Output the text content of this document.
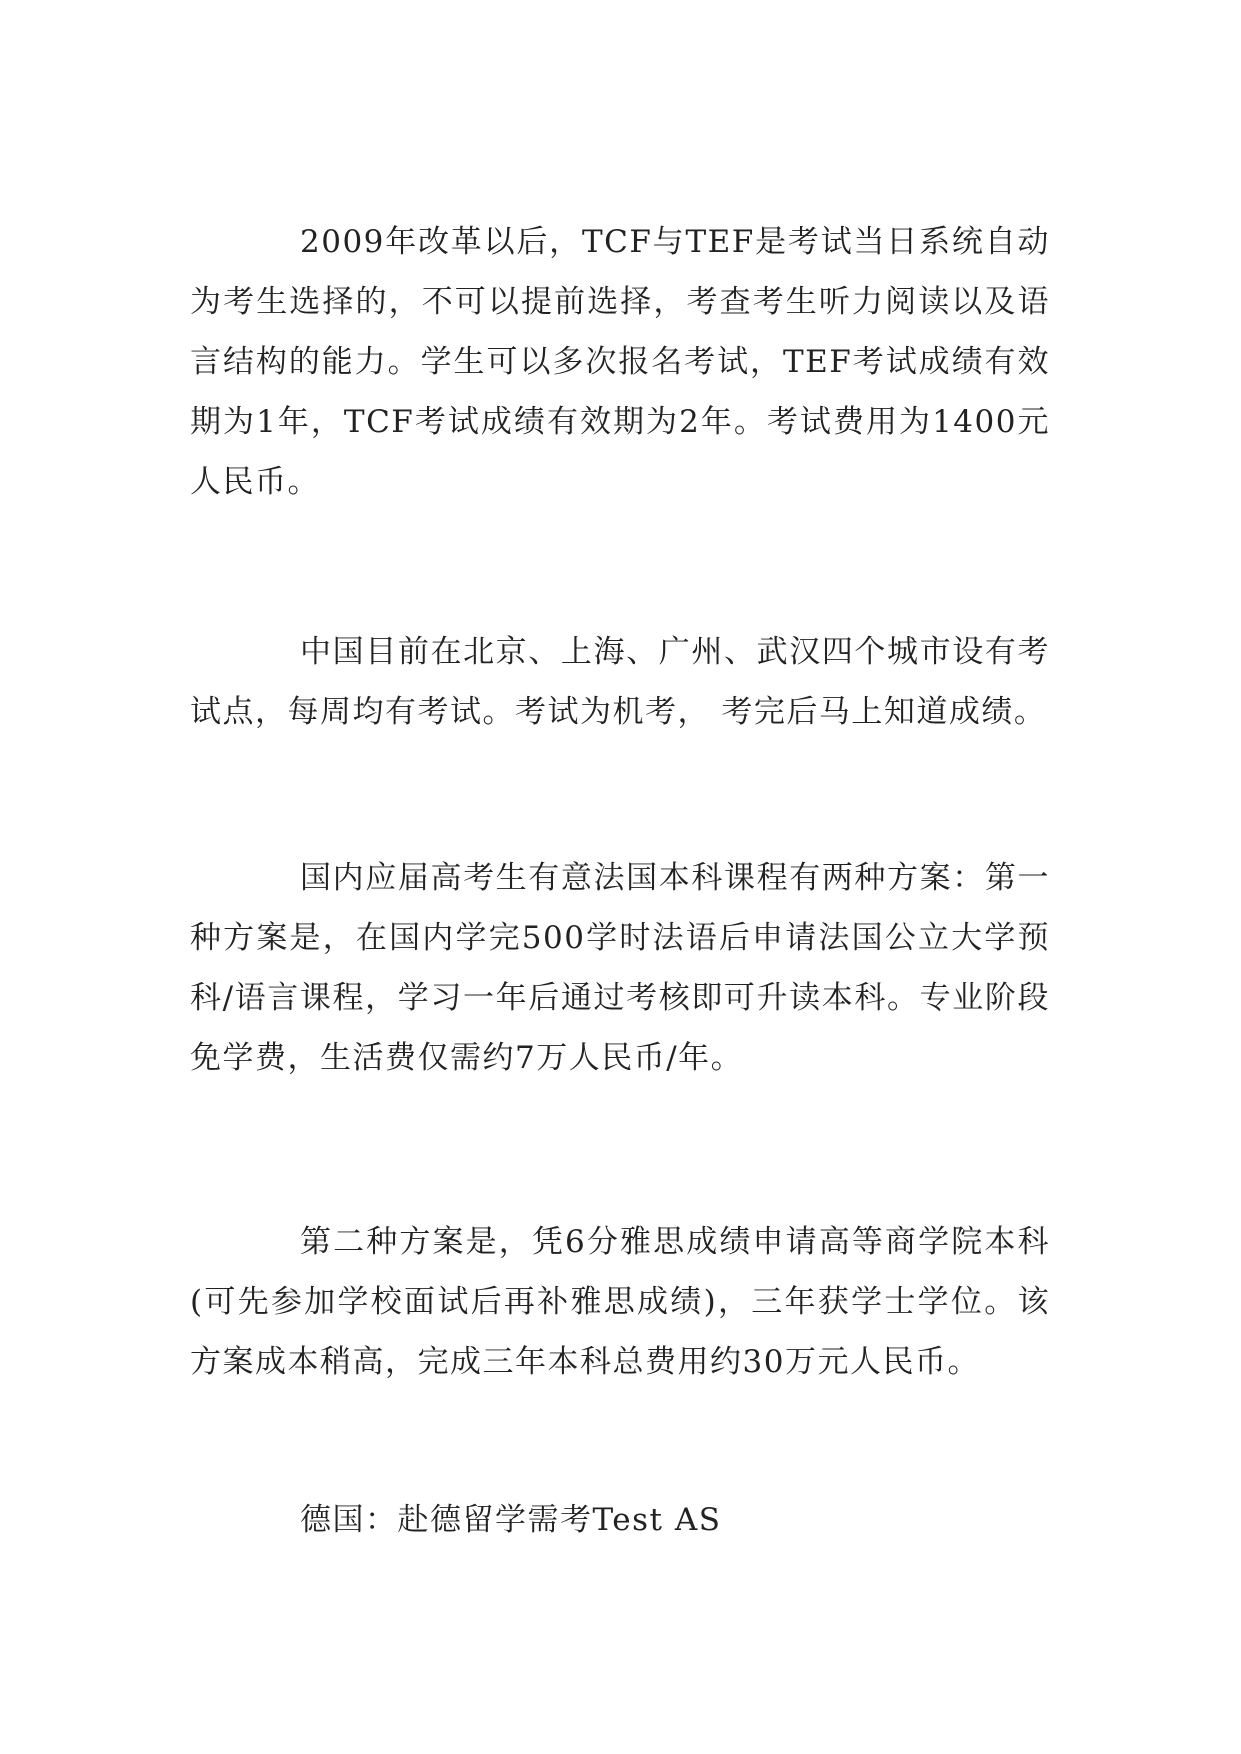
2009年改革以后，TCF与TEF是考试当日系统自动为考生选择的，不可以提前选择，考查考生听力阅读以及语言结构的能力。学生可以多次报名考试，TEF考试成绩有效期为1年，TCF考试成绩有效期为2年。考试费用为1400元人民币。

中国目前在北京、上海、广州、武汉四个城市设有考试点，每周均有考试。考试为机考， 考完后马上知道成绩。

国内应届高考生有意法国本科课程有两种方案：第一种方案是，在国内学完500学时法语后申请法国公立大学预科/语言课程，学习一年后通过考核即可升读本科。专业阶段免学费，生活费仅需约7万人民币/年。

第二种方案是，凭6分雅思成绩申请高等商学院本科(可先参加学校面试后再补雅思成绩)，三年获学士学位。该方案成本稍高，完成三年本科总费用约30万元人民币。

德国：赴德留学需考Test AS
